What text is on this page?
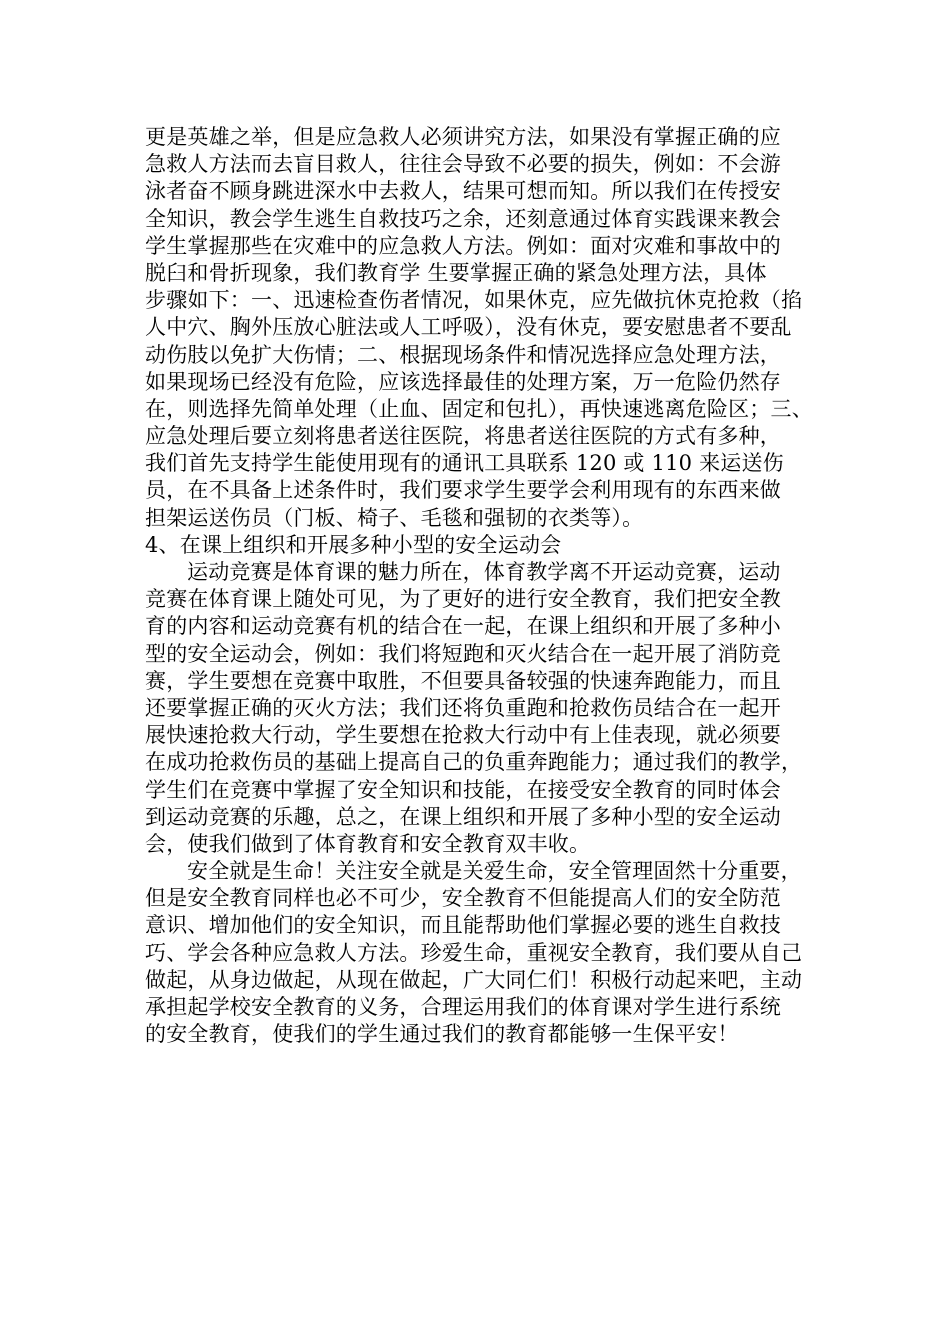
更是英雄之举，但是应急救人必须讲究方法，如果没有掌握正确的应
急救人方法而去盲目救人，往往会导致不必要的损失，例如：不会游
泳者奋不顾身跳进深水中去救人，结果可想而知。所以我们在传授安
全知识，教会学生逃生自救技巧之余，还刻意通过体育实践课来教会
学生掌握那些在灾难中的应急救人方法。例如：面对灾难和事故中的
脱臼和骨折现象，我们教育学 生要掌握正确的紧急处理方法，具体
步骤如下：一、迅速检查伤者情况，如果休克，应先做抗休克抢救（掐
人中穴、胸外压放心脏法或人工呼吸），没有休克，要安慰患者不要乱
动伤肢以免扩大伤情；二、根据现场条件和情况选择应急处理方法，
如果现场已经没有危险，应该选择最佳的处理方案，万一危险仍然存
在，则选择先简单处理（止血、固定和包扎），再快速逃离危险区；三、
应急处理后要立刻将患者送往医院，将患者送往医院的方式有多种，
我们首先支持学生能使用现有的通讯工具联系 120 或 110 来运送伤
员，在不具备上述条件时，我们要求学生要学会利用现有的东西来做
担架运送伤员（门板、椅子、毛毯和强韧的衣类等）。
4、在课上组织和开展多种小型的安全运动会
运动竞赛是体育课的魅力所在，体育教学离不开运动竞赛，运动
竞赛在体育课上随处可见，为了更好的进行安全教育，我们把安全教
育的内容和运动竞赛有机的结合在一起，在课上组织和开展了多种小
型的安全运动会，例如：我们将短跑和灭火结合在一起开展了消防竞
赛，学生要想在竞赛中取胜，不但要具备较强的快速奔跑能力，而且
还要掌握正确的灭火方法；我们还将负重跑和抢救伤员结合在一起开
展快速抢救大行动，学生要想在抢救大行动中有上佳表现，就必须要
在成功抢救伤员的基础上提高自己的负重奔跑能力；通过我们的教学，
学生们在竞赛中掌握了安全知识和技能，在接受安全教育的同时体会
到运动竞赛的乐趣，总之，在课上组织和开展了多种小型的安全运动
会，使我们做到了体育教育和安全教育双丰收。
安全就是生命！关注安全就是关爱生命，安全管理固然十分重要，
但是安全教育同样也必不可少，安全教育不但能提高人们的安全防范
意识、增加他们的安全知识，而且能帮助他们掌握必要的逃生自救技
巧、学会各种应急救人方法。珍爱生命，重视安全教育，我们要从自己
做起，从身边做起，从现在做起，广大同仁们！积极行动起来吧，主动
承担起学校安全教育的义务，合理运用我们的体育课对学生进行系统
的安全教育，使我们的学生通过我们的教育都能够一生保平安！
